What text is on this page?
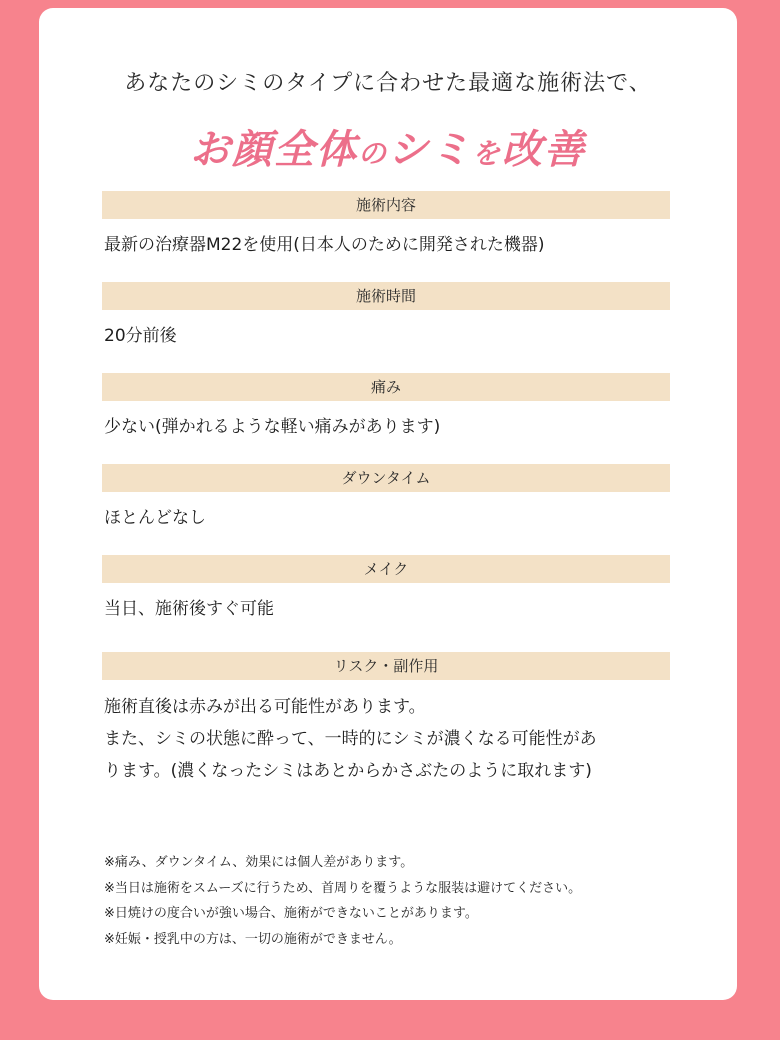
あなたのシミのタイプに合わせた最適な施術法で、
お顔全体のシミを改善
施術内容
最新の治療器M22を使用(日本人のために開発された機器)
施術時間
20分前後
痛み
少ない(弾かれるような軽い痛みがあります)
ダウンタイム
ほとんどなし
メイク
当日、施術後すぐ可能
リスク・副作用
施術直後は赤みが出る可能性があります。
また、シミの状態に酔って、一時的にシミが濃くなる可能性があ
ります。(濃くなったシミはあとからかさぶたのように取れます)
※痛み、ダウンタイム、効果には個人差があります。
※当日は施術をスムーズに行うため、首周りを覆うような服装は避けてください。
※日焼けの度合いが強い場合、施術ができないことがあります。
※妊娠・授乳中の方は、一切の施術ができません。
